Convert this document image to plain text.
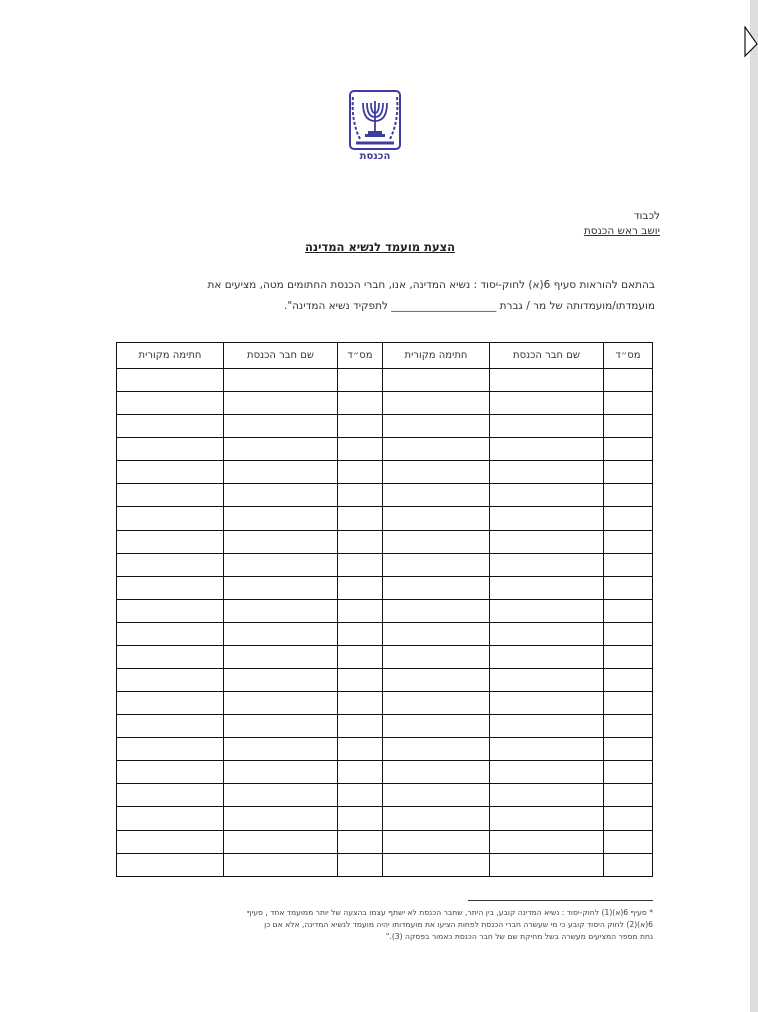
הכנסת
לכבוד
יושב ראש הכנסת
הצעת מועמד לנשיא המדינה
בהתאם להוראות סעיף 6(א) לחוק-יסוד : נשיא המדינה, אנו, חברי הכנסת החתומים מטה, מציעים את
מועמדתו/מועמדותה של מר / גברת ____________________ לתפקיד נשיא המדינה".
מס״ד	שם חבר הכנסת	חתימה מקורית	מס״ד	שם חבר הכנסת	חתימה מקורית

* סעיף 6(א)(1) לחוק-יסוד : נשיא המדינה קובע, בין היתר, שחבר הכנסת לא ישתף עצמו בהצעה של יותר ממועמד אחד , סעיף
6(א)(2) לחוק היסוד קובע כי מי שעשרה חברי הכנסת לפחות הציעו את מועמדותו יהיה מועמד לנשיא המדינה, אלא אם כן
נחת מספר המציעים מעשרה בשל מחיקת שם של חבר הכנסת כאמור בפסקה (3)."
